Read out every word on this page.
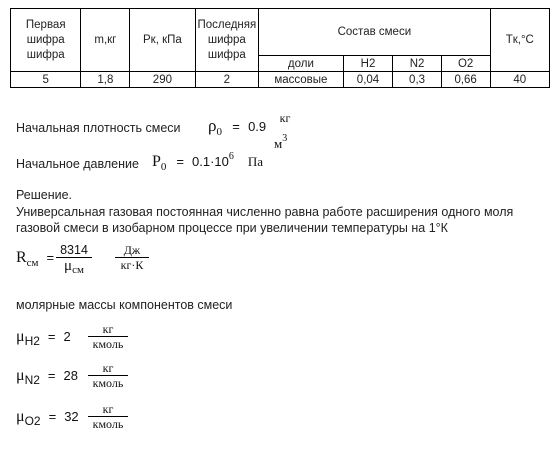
Первая шифра шифра	m,кг	Pк, кПа	Последняя шифра шифра	Состав смеси				Tк,°С
				доли	H2	N2	O2	
5	1,8	290	2	массовые	0,04	0,3	0,66	40
Начальная плотность смеси $\rho_0 = 0.9$
кг
$м^3$
Начальное давление $P_0 = 0.1\cdot 10^6$ Па
Решение.
Универсальная газовая постоянная численно равна работе расширения одного моля
газовой смеси в изобарном процессе при увеличении температуры на 1°К
$R_{см} = 8314$
$\mu_{см}$
Дж
кг·К
молярные массы компонентов смеси
$\mu_{H2} = 2$	кг
кмоль
$\mu_{N2} = 28$	кг
кмоль
$\mu_{O2} = 32$	кг
кмоль
